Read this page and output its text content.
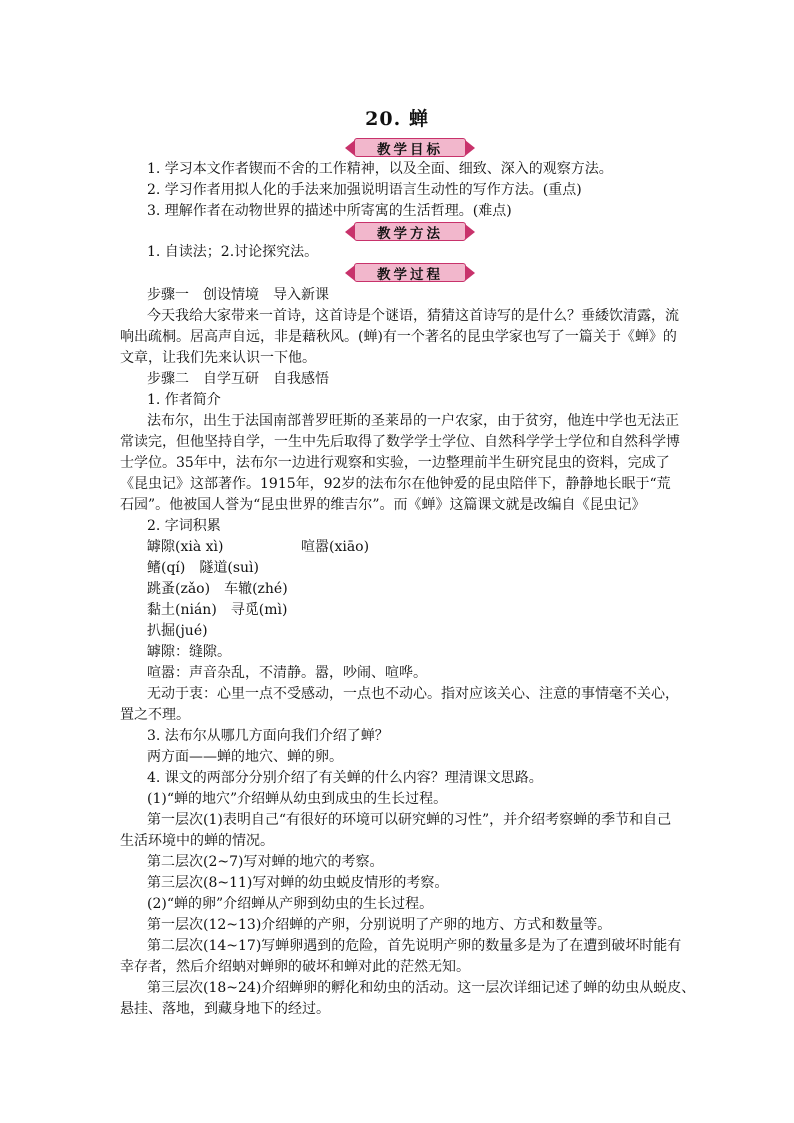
20. 蝉
教学目标
1. 学习本文作者锲而不舍的工作精神，以及全面、细致、深入的观察方法。
2. 学习作者用拟人化的手法来加强说明语言生动性的写作方法。(重点)
3. 理解作者在动物世界的描述中所寄寓的生活哲理。(难点)
教学方法
1. 自读法；2.讨论探究法。
教学过程
步骤一　创设情境　导入新课
今天我给大家带来一首诗，这首诗是个谜语，猜猜这首诗写的是什么？垂緌饮清露，流
响出疏桐。居高声自远，非是藉秋风。(蝉)有一个著名的昆虫学家也写了一篇关于《蝉》的
文章，让我们先来认识一下他。
步骤二　自学互研　自我感悟
1. 作者简介
法布尔，出生于法国南部普罗旺斯的圣莱昂的一户农家，由于贫穷，他连中学也无法正
常读完，但他坚持自学，一生中先后取得了数学学士学位、自然科学学士学位和自然科学博
士学位。35年中，法布尔一边进行观察和实验，一边整理前半生研究昆虫的资料，完成了
《昆虫记》这部著作。1915年，92岁的法布尔在他钟爱的昆虫陪伴下，静静地长眠于“荒
石园”。他被国人誉为“昆虫世界的维吉尔”。而《蝉》这篇课文就是改编自《昆虫记》
2. 字词积累
罅隙(xià xì)	喧嚣(xiāo)
鳍(qí)　隧道(suì)
跳蚤(zǎo)　车辙(zhé)
黏土(nián)　寻觅(mì)
扒掘(jué)
罅隙：缝隙。
喧嚣：声音杂乱，不清静。嚣，吵闹、喧哗。
无动于衷：心里一点不受感动，一点也不动心。指对应该关心、注意的事情毫不关心，
置之不理。
3. 法布尔从哪几方面向我们介绍了蝉？
两方面——蝉的地穴、蝉的卵。
4. 课文的两部分分别介绍了有关蝉的什么内容？理清课文思路。
(1)“蝉的地穴”介绍蝉从幼虫到成虫的生长过程。
第一层次(1)表明自己“有很好的环境可以研究蝉的习性”，并介绍考察蝉的季节和自己
生活环境中的蝉的情况。
第二层次(2~7)写对蝉的地穴的考察。
第三层次(8~11)写对蝉的幼虫蜕皮情形的考察。
(2)“蝉的卵”介绍蝉从产卵到幼虫的生长过程。
第一层次(12~13)介绍蝉的产卵，分别说明了产卵的地方、方式和数量等。
第二层次(14~17)写蝉卵遇到的危险，首先说明产卵的数量多是为了在遭到破坏时能有
幸存者，然后介绍蚋对蝉卵的破坏和蝉对此的茫然无知。
第三层次(18~24)介绍蝉卵的孵化和幼虫的活动。这一层次详细记述了蝉的幼虫从蜕皮、
悬挂、落地，到藏身地下的经过。
